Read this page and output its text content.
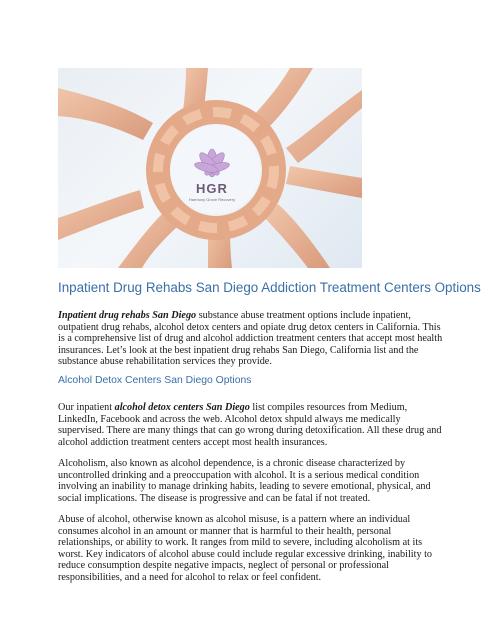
HGR
Harmony Grove Recovery
Inpatient Drug Rehabs San Diego Addiction Treatment Centers Options

Inpatient drug rehabs San Diego substance abuse treatment options include inpatient, outpatient drug rehabs, alcohol detox centers and opiate drug detox centers in California. This is a comprehensive list of drug and alcohol addiction treatment centers that accept most health insurances. Let’s look at the best inpatient drug rehabs San Diego, California list and the substance abuse rehabilitation services they provide.

Alcohol Detox Centers San Diego Options

Our inpatient alcohol detox centers San Diego list compiles resources from Medium, LinkedIn, Facebook and across the web. Alcohol detox shpuld always me medically supervised. There are many things that can go wrong during detoxification. All these drug and alcohol addiction treatment centers accept most health insurances.

Alcoholism, also known as alcohol dependence, is a chronic disease characterized by uncontrolled drinking and a preoccupation with alcohol. It is a serious medical condition involving an inability to manage drinking habits, leading to severe emotional, physical, and social implications. The disease is progressive and can be fatal if not treated.

Abuse of alcohol, otherwise known as alcohol misuse, is a pattern where an individual consumes alcohol in an amount or manner that is harmful to their health, personal relationships, or ability to work. It ranges from mild to severe, including alcoholism at its worst. Key indicators of alcohol abuse could include regular excessive drinking, inability to reduce consumption despite negative impacts, neglect of personal or professional responsibilities, and a need for alcohol to relax or feel confident.
